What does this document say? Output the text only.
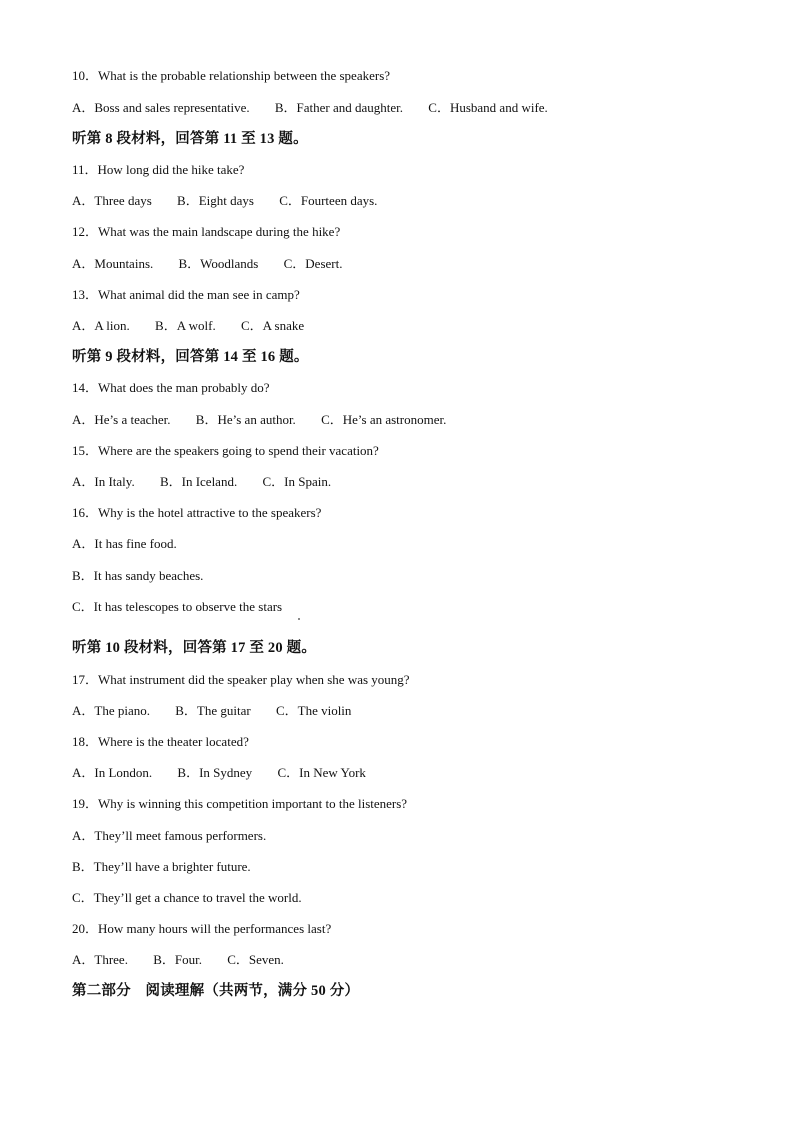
10．What is the probable relationship between the speakers?
A．Boss and sales representative. B．Father and daughter. C．Husband and wife.
听第 8 段材料，回答第 11 至 13 题。
11．How long did the hike take?
A．Three days B．Eight days C．Fourteen days.
12．What was the main landscape during the hike?
A．Mountains. B．Woodlands C．Desert.
13．What animal did the man see in camp?
A．A lion. B．A wolf. C．A snake
听第 9 段材料，回答第 14 至 16 题。
14．What does the man probably do?
A．He’s a teacher. B．He’s an author. C．He’s an astronomer.
15．Where are the speakers going to spend their vacation?
A．In Italy. B．In Iceland. C．In Spain.
16．Why is the hotel attractive to the speakers?
A．It has fine food.
B．It has sandy beaches.
C．It has telescopes to observe the stars
听第 10 段材料，回答第 17 至 20 题。
17．What instrument did the speaker play when she was young?
A．The piano. B．The guitar C．The violin
18．Where is the theater located?
A．In London. B．In Sydney C．In New York
19．Why is winning this competition important to the listeners?
A．They’ll meet famous performers.
B．They’ll have a brighter future.
C．They’ll get a chance to travel the world.
20．How many hours will the performances last?
A．Three. B．Four. C．Seven.
第二部分　阅读理解（共两节，满分 50 分）
